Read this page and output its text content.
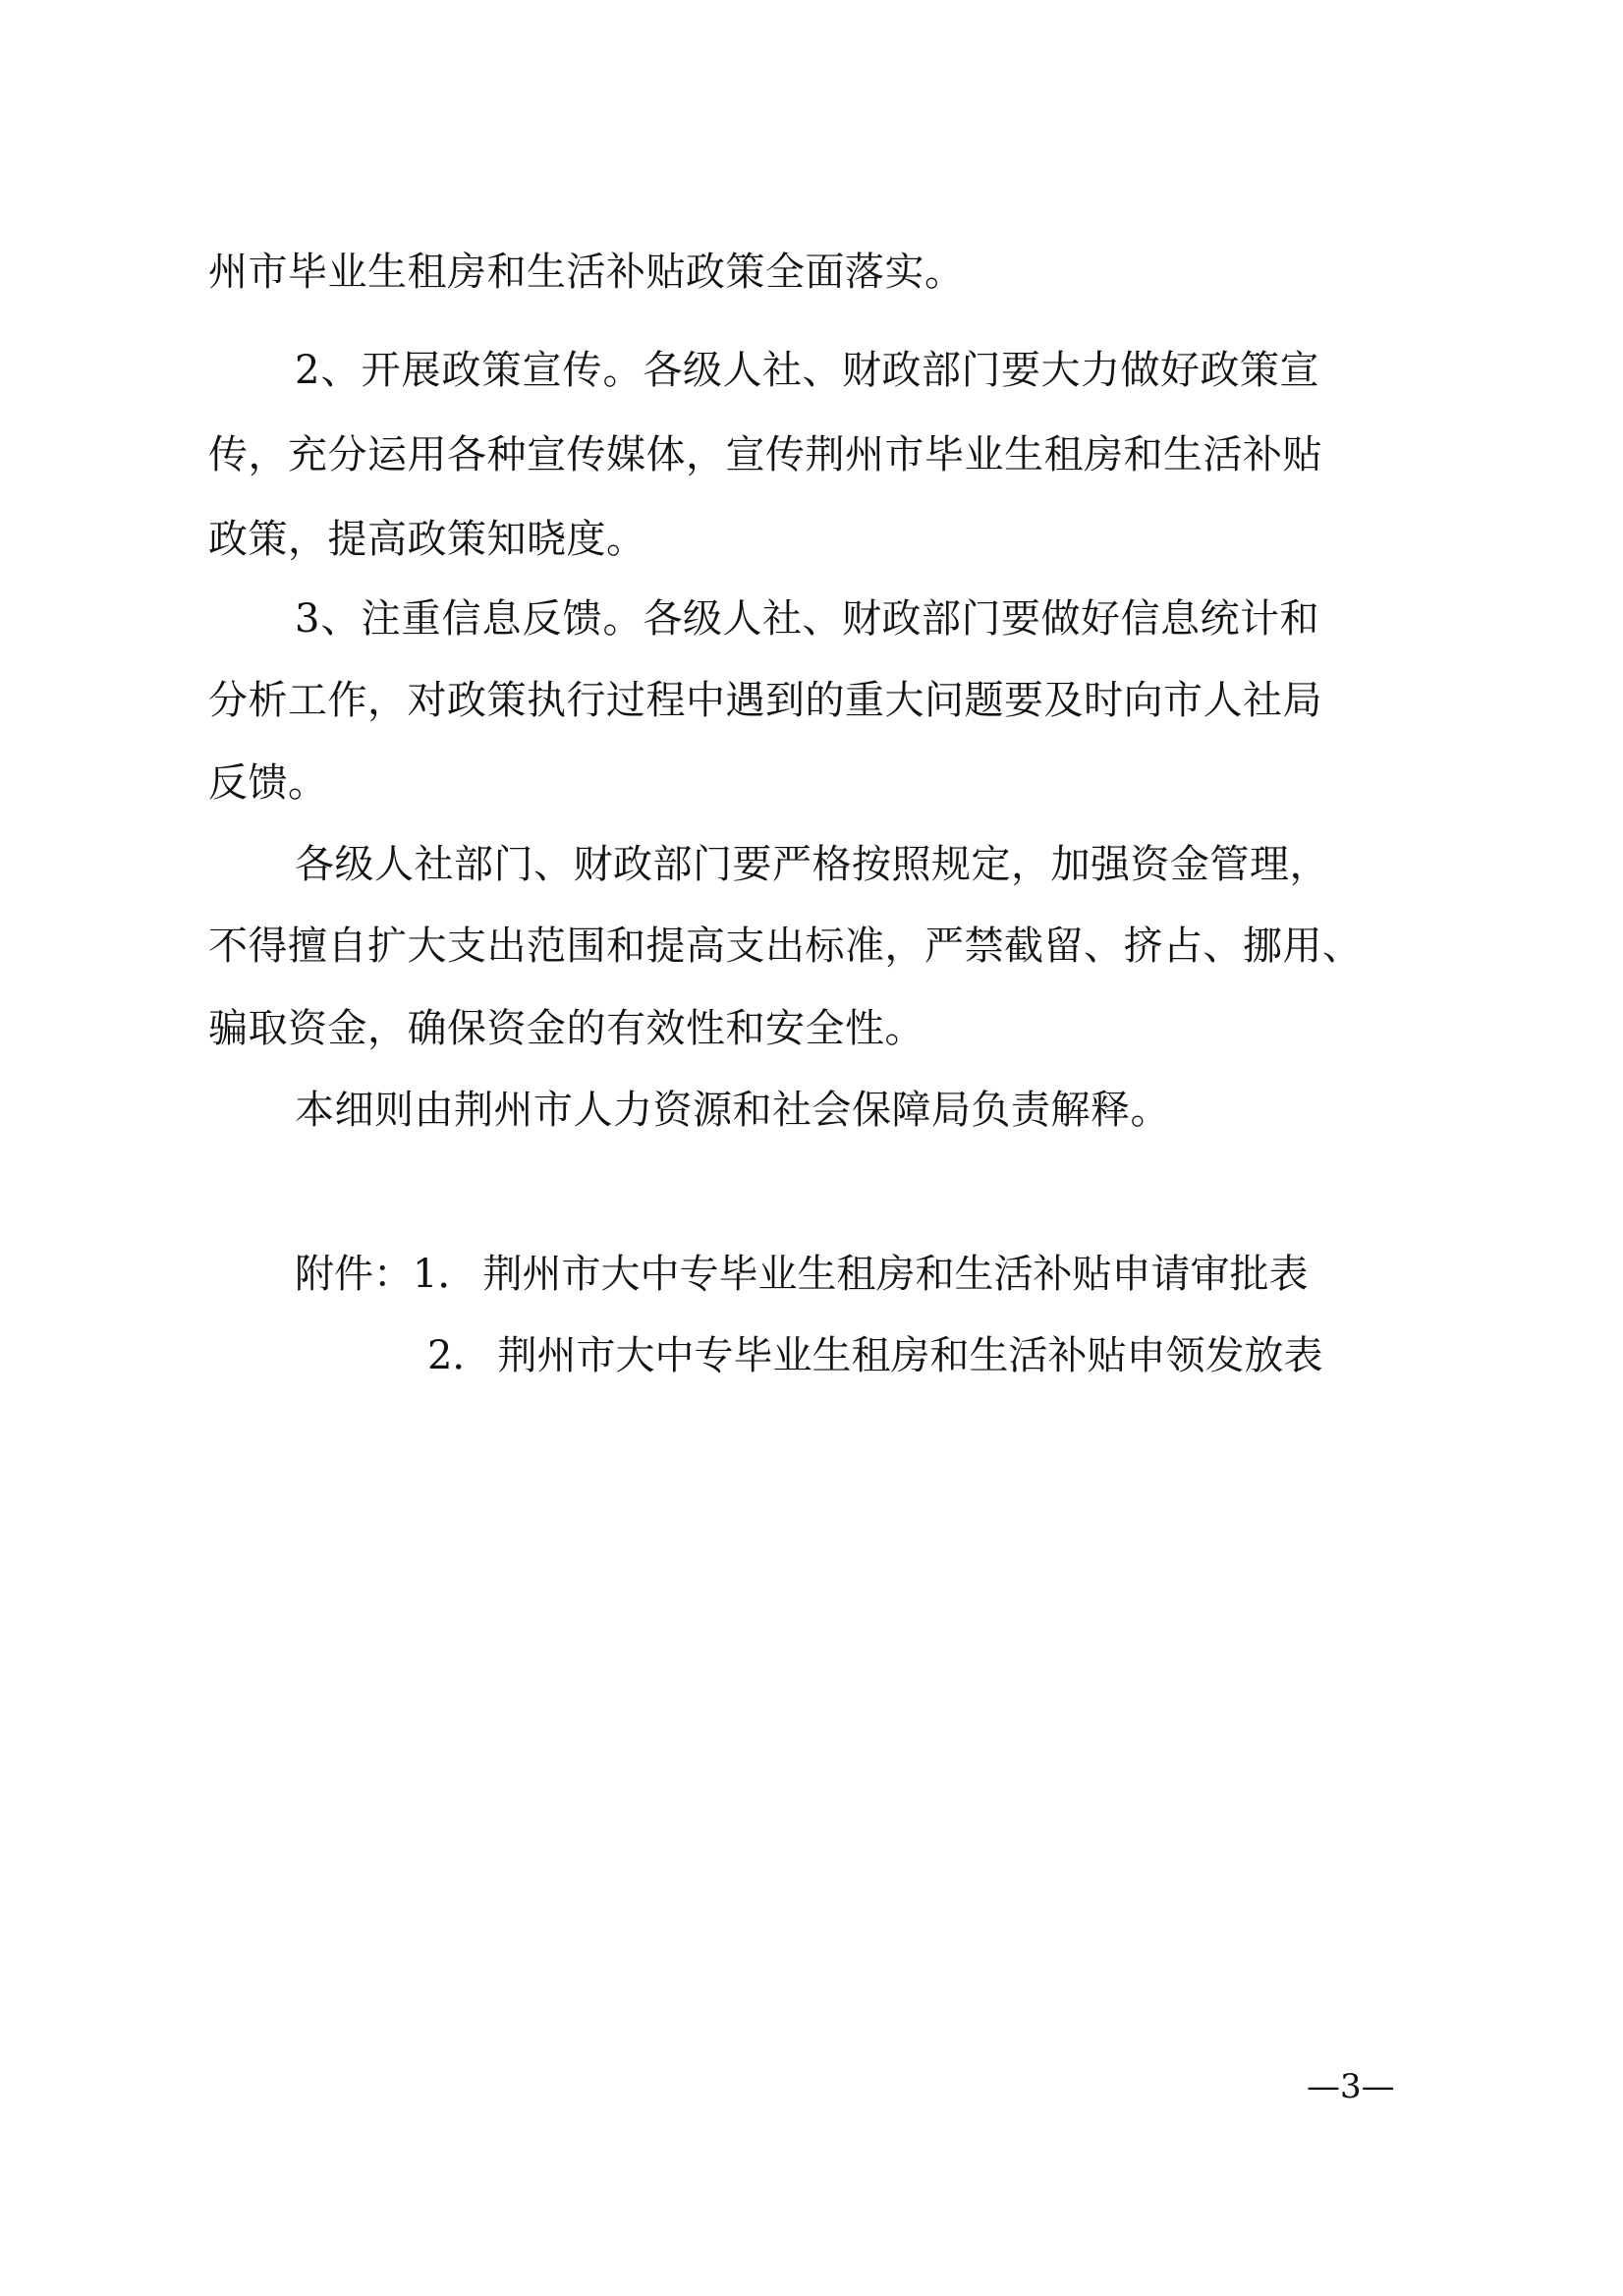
州市毕业生租房和生活补贴政策全面落实。
2、开展政策宣传。各级人社、财政部门要大力做好政策宣
传，充分运用各种宣传媒体，宣传荆州市毕业生租房和生活补贴
政策，提高政策知晓度。
3、注重信息反馈。各级人社、财政部门要做好信息统计和
分析工作，对政策执行过程中遇到的重大问题要及时向市人社局
反馈。
各级人社部门、财政部门要严格按照规定，加强资金管理，
不得擅自扩大支出范围和提高支出标准，严禁截留、挤占、挪用、
骗取资金，确保资金的有效性和安全性。
本细则由荆州市人力资源和社会保障局负责解释。
附件：1． 荆州市大中专毕业生租房和生活补贴申请审批表
2． 荆州市大中专毕业生租房和生活补贴申领发放表
—3—
